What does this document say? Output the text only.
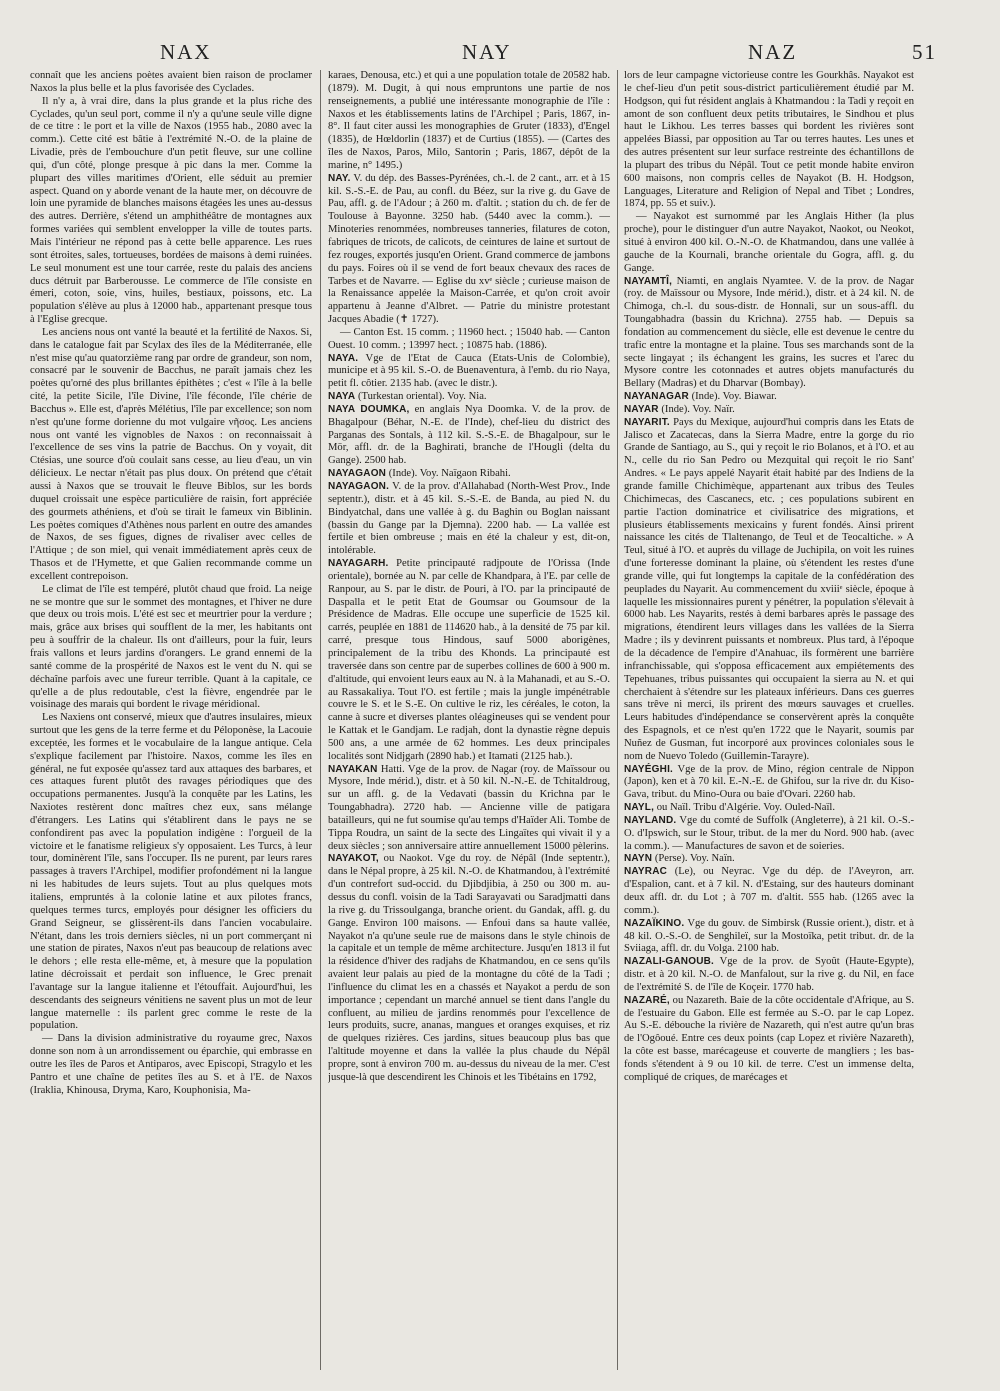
NAX	NAY	NAZ	51

connaît que les anciens poètes avaient bien raison de proclamer Naxos la plus belle et la plus favorisée des Cyclades.

Il n'y a, à vrai dire, dans la plus grande et la plus riche des Cyclades, qu'un seul port, comme il n'y a qu'une seule ville digne de ce titre : le port et la ville de Naxos (1955 hab., 2080 avec la comm.). Cette cité est bâtie à l'extrémité N.-O. de la plaine de Livadie, près de l'embouchure d'un petit fleuve, sur une colline qui, d'un côté, plonge presque à pic dans la mer. Comme la plupart des villes maritimes d'Orient, elle séduit au premier aspect. Quand on y aborde venant de la haute mer, on découvre de loin une pyramide de blanches maisons étagées les unes au-dessus des autres. Derrière, s'étend un amphithéâtre de montagnes aux formes variées qui semblent envelopper la ville de toutes parts. Mais l'intérieur ne répond pas à cette belle apparence. Les rues sont étroites, sales, tortueuses, bordées de maisons à demi ruinées. Le seul monument est une tour carrée, reste du palais des anciens ducs détruit par Barberousse. Le commerce de l'île consiste en émeri, coton, soie, vins, huiles, bestiaux, poissons, etc. La population s'élève au plus à 12000 hab., appartenant presque tous à l'Eglise grecque.

Les anciens nous ont vanté la beauté et la fertilité de Naxos. Si, dans le catalogue fait par Scylax des îles de la Méditerranée, elle n'est mise qu'au quatorzième rang par ordre de grandeur, son nom, consacré par le souvenir de Bacchus, ne paraît jamais chez les poètes qu'orné des plus brillantes épithètes ; c'est « l'île à la belle cité, la petite Sicile, l'île Divine, l'île féconde, l'île chérie de Bacchus ». Elle est, d'après Mélétius, l'île par excellence; son nom n'est qu'une forme dorienne du mot vulgaire νῆσος. Les anciens nous ont vanté les vignobles de Naxos : on reconnaissait à l'excellence de ses vins la patrie de Bacchus. On y voyait, dit Ctésias, une source d'où coulait sans cesse, au lieu d'eau, un vin délicieux. Le nectar n'était pas plus doux. On prétend que c'était aussi à Naxos que se trouvait le fleuve Biblos, sur les bords duquel croissait une espèce particulière de raisin, fort appréciée des gourmets athéniens, et d'où se tirait le fameux vin Biblinin. Les poètes comiques d'Athènes nous parlent en outre des amandes de Naxos, de ses figues, dignes de rivaliser avec celles de l'Attique ; de son miel, qui venait immédiatement après ceux de Thasos et de l'Hymette, et que Galien recommande comme un excellent contrepoison.

Le climat de l'île est tempéré, plutôt chaud que froid. La neige ne se montre que sur le sommet des montagnes, et l'hiver ne dure que deux ou trois mois. L'été est sec et meurtrier pour la verdure ; mais, grâce aux brises qui soufflent de la mer, les habitants ont peu à souffrir de la chaleur. Ils ont d'ailleurs, pour la fuir, leurs frais vallons et leurs jardins d'orangers. Le grand ennemi de la santé comme de la prospérité de Naxos est le vent du N. qui se déchaîne parfois avec une fureur terrible. Quant à la capitale, ce qu'elle a de plus redoutable, c'est la fièvre, engendrée par le voisinage des marais qui bordent le rivage méridional.

Les Naxiens ont conservé, mieux que d'autres insulaires, mieux surtout que les gens de la terre ferme et du Péloponèse, la Lacouie exceptée, les formes et le vocabulaire de la langue antique. Cela s'explique facilement par l'histoire. Naxos, comme les îles en général, ne fut exposée qu'assez tard aux attaques des barbares, et ces attaques furent plutôt des ravages périodiques que des occupations permanentes. Jusqu'à la conquête par les Latins, les Naxiotes restèrent donc maîtres chez eux, sans mélange d'étrangers. Les Latins qui s'établirent dans le pays ne se confondirent pas avec la population indigène : l'orgueil de la victoire et le fanatisme religieux s'y opposaient. Les Turcs, à leur tour, dominèrent l'île, sans l'occuper. Ils ne purent, par leurs rares passages à travers l'Archipel, modifier profondément ni la langue ni les habitudes de leurs sujets. Tout au plus quelques mots italiens, empruntés à la colonie latine et aux pilotes francs, quelques termes turcs, employés pour désigner les officiers du Grand Seigneur, se glissèrent-ils dans l'ancien vocabulaire. N'étant, dans les trois derniers siècles, ni un port commerçant ni une station de pirates, Naxos n'eut pas beaucoup de relations avec le dehors ; elle resta elle-même, et, à mesure que la population latine décroissait et perdait son influence, le Grec prenait l'avantage sur la langue italienne et l'étouffait. Aujourd'hui, les descendants des seigneurs vénitiens ne savent plus un mot de leur langue maternelle : ils parlent grec comme le reste de la population.

— Dans la division administrative du royaume grec, Naxos donne son nom à un arrondissement ou éparchie, qui embrasse en outre les îles de Paros et Antiparos, avec Episcopi, Stragylo et les Pantro et une chaîne de petites îles au S. et à l'E. de Naxos (Iraklia, Khinousa, Dryma, Karo, Kouphonisia, Ma-

karaes, Denousa, etc.) et qui a une population totale de 20582 hab. (1879). M. Dugit, à qui nous empruntons une partie de nos renseignements, a publié une intéressante monographie de l'île : Naxos et les établissements latins de l'Archipel ; Paris, 1867, in-8°. Il faut citer aussi les monographies de Gruter (1833), d'Engel (1835), de Hœldorlin (1837) et de Curtius (1855). — (Cartes des îles de Naxos, Paros, Milo, Santorin ; Paris, 1867, dépôt de la marine, n° 1495.)

NAY. V. du dép. des Basses-Pyrénées, ch.-l. de 2 cant., arr. et à 15 kil. S.-S.-E. de Pau, au confl. du Béez, sur la rive g. du Gave de Pau, affl. g. de l'Adour ; à 260 m. d'altit. ; station du ch. de fer de Toulouse à Bayonne. 3250 hab. (5440 avec la comm.). — Minoteries renommées, nombreuses tanneries, filatures de coton, fabriques de tricots, de calicots, de ceintures de laine et surtout de fez rouges, exportés jusqu'en Orient. Grand commerce de jambons du pays. Foires où il se vend de fort beaux chevaux des races de Tarbes et de Navarre. — Eglise du xvᵉ siècle ; curieuse maison de la Renaissance appelée la Maison-Carrée, et qu'on croit avoir appartenu à Jeanne d'Albret. — Patrie du ministre protestant Jacques Abadie (✝ 1727).

— Canton Est. 15 comm. ; 11960 hect. ; 15040 hab. — Canton Ouest. 10 comm. ; 13997 hect. ; 10875 hab. (1886).

NAYA. Vge de l'Etat de Cauca (Etats-Unis de Colombie), municipe et à 95 kil. S.-O. de Buenaventura, à l'emb. du rio Naya, petit fl. côtier. 2135 hab. (avec le distr.).

NAYA (Turkestan oriental). Voy. Nia.

NAYA DOUMKA, en anglais Nya Doomka. V. de la prov. de Bhagalpour (Béhar, N.-E. de l'Inde), chef-lieu du district des Parganas des Sontals, à 112 kil. S.-S.-E. de Bhagalpour, sur le Mör, affl. dr. de la Baghirati, branche de l'Hougli (delta du Gange). 2500 hab.

NAYAGAON (Inde). Voy. Naïgaon Ribahi.

NAYAGAON. V. de la prov. d'Allahabad (North-West Prov., Inde septentr.), distr. et à 45 kil. S.-S.-E. de Banda, au pied N. du Bindyatchal, dans une vallée à g. du Baghin ou Boglan naissant (bassin du Gange par la Djemna). 2200 hab. — La vallée est fertile et bien ombreuse ; mais en été la chaleur y est, dit-on, intolérable.

NAYAGARH. Petite principauté radjpoute de l'Orissa (Inde orientale), bornée au N. par celle de Khandpara, à l'E. par celle de Ranpour, au S. par le distr. de Pouri, à l'O. par la principauté de Daspalla et le petit Etat de Goumsar ou Goumsour de la Présidence de Madras. Elle occupe une superficie de 1525 kil. carrés, peuplée en 1881 de 114620 hab., à la densité de 75 par kil. carré, presque tous Hindous, sauf 5000 aborigènes, principalement de la tribu des Khonds. La principauté est traversée dans son centre par de superbes collines de 600 à 900 m. d'altitude, qui envoient leurs eaux au N. à la Mahanadi, et au S.-O. au Rassakaliya. Tout l'O. est fertile ; mais la jungle impénétrable couvre le S. et le S.-E. On cultive le riz, les céréales, le coton, la canne à sucre et diverses plantes oléagineuses qui se vendent pour le Kattak et le Gandjam. Le radjah, dont la dynastie règne depuis 500 ans, a une armée de 62 hommes. Les deux principales localités sont Nidjgarh (2890 hab.) et Itamati (2125 hab.).

NAYAKAN Hatti. Vge de la prov. de Nagar (roy. de Maïssour ou Mysore, Inde mérid.), distr. et à 50 kil. N.-N.-E. de Tchitaldroug, sur un affl. g. de la Vedavati (bassin du Krichna par le Toungabhadra). 2720 hab. — Ancienne ville de patigara batailleurs, qui ne fut soumise qu'au temps d'Haïder Ali. Tombe de Tippa Roudra, un saint de la secte des Lingaïtes qui vivait il y a deux siècles ; son anniversaire attire annuellement 15000 pèlerins.

NAYAKOT, ou Naokot. Vge du roy. de Népâl (Inde septentr.), dans le Népal propre, à 25 kil. N.-O. de Khatmandou, à l'extrémité d'un contrefort sud-occid. du Djibdjibia, à 250 ou 300 m. au-dessus du confl. voisin de la Tadi Sarayavati ou Saradjmatti dans la rive g. du Trissoulganga, branche orient. du Gandak, affl. g. du Gange. Environ 100 maisons. — Enfoui dans sa haute vallée, Nayakot n'a qu'une seule rue de maisons dans le style chinois de la capitale et un temple de même architecture. Jusqu'en 1813 il fut la résidence d'hiver des radjahs de Khatmandou, en ce sens qu'ils avaient leur palais au pied de la montagne du côté de la Tadi ; l'influence du climat les en a chassés et Nayakot a perdu de son importance ; cependant un marché annuel se tient dans l'angle du confluent, au milieu de jardins renommés pour l'excellence de leurs produits, sucre, ananas, mangues et oranges exquises, et riz de quelques rizières. Ces jardins, situes beaucoup plus bas que l'altitude moyenne et dans la vallée la plus chaude du Népâl propre, sont à environ 700 m. au-dessus du niveau de la mer. C'est jusque-là que descendirent les Chinois et les Tibétains en 1792,

lors de leur campagne victorieuse contre les Gourkhâs. Nayakot est le chef-lieu d'un petit sous-district particulièrement étudié par M. Hodgson, qui fut résident anglais à Khatmandou : la Tadi y reçoit en amont de son confluent deux petits tributaires, le Sindhou et plus haut le Likhou. Les terres basses qui bordent les rivières sont appelées Biassi, par opposition au Tar ou terres hautes. Les unes et des autres présentent sur leur surface restreinte des échantillons de la plupart des tribus du Népâl. Tout ce petit monde habite environ 600 maisons, non compris celles de Nayakot (B. H. Hodgson, Languages, Literature and Religion of Nepal and Tibet ; Londres, 1874, pp. 55 et suiv.).

— Nayakot est surnommé par les Anglais Hither (la plus proche), pour le distinguer d'un autre Nayakot, Naokot, ou Neokot, situé à environ 400 kil. O.-N.-O. de Khatmandou, dans une vallée à gauche de la Kournali, branche orientale du Gogra, affl. g. du Gange.

NAYAMTÎ, Niamti, en anglais Nyamtee. V. de la prov. de Nagar (roy. de Maïssour ou Mysore, Inde mérid.), distr. et à 24 kil. N. de Chimoga, ch.-l. du sous-distr. de Honnali, sur un sous-affl. du Toungabhadra (bassin du Krichna). 2755 hab. — Depuis sa fondation au commencement du siècle, elle est devenue le centre du trafic entre la montagne et la plaine. Tous ses marchands sont de la secte lingayat ; ils échangent les grains, les sucres et l'arec du Mysore contre les cotonnades et autres objets manufacturés du Bellary (Madras) et du Dharvar (Bombay).

NAYANAGAR (Inde). Voy. Biawar.

NAYAR (Inde). Voy. Naïr.

NAYARIT. Pays du Mexique, aujourd'hui compris dans les Etats de Jalisco et Zacatecas, dans la Sierra Madre, entre la gorge du rio Grande de Santiago, au S., qui y reçoit le rio Bolanos, et à l'O. et au N., celle du rio San Pedro ou Mezquital qui reçoit le rio Sant' Andres. « Le pays appelé Nayarit était habité par des Indiens de la grande famille Chichimèque, appartenant aux tribus des Teules Chichimecas, des Cascanecs, etc. ; ces populations subirent en partie l'action dominatrice et civilisatrice des migrations, et plusieurs établissements mexicains y furent fondés. Ainsi prirent naissance les cités de Tlaltenango, de Teul et de Teocaltiche. » A Teul, situé à l'O. et auprès du village de Juchipila, on voit les ruines d'une forteresse dominant la plaine, où s'étendent les restes d'une grande ville, qui fut longtemps la capitale de la confédération des peuplades du Nayarit. Au commencement du xviiiᵉ siècle, époque à laquelle les missionnaires purent y pénétrer, la population s'élevait à 6000 hab. Les Nayarits, restés à demi barbares après le passage des migrations, étendirent leurs villages dans les vallées de la Sierra Madre ; ils y devinrent puissants et nombreux. Plus tard, à l'époque de la décadence de l'empire d'Anahuac, ils formèrent une barrière infranchissable, qui s'opposa efficacement aux empiétements des Tepehuanes, tribus puissantes qui occupaient la sierra au N. et qui cherchaient à s'étendre sur les plateaux inférieurs. Dans ces guerres sans trêve ni merci, ils prirent des mœurs sauvages et cruelles. Leurs habitudes d'indépendance se conservèrent après la conquête des Espagnols, et ce n'est qu'en 1722 que le Nayarit, soumis par Nuñez de Gusman, fut incorporé aux provinces coloniales sous le nom de Nuevo Toledo (Guillemin-Tarayre).

NAYÉGHI. Vge de la prov. de Mino, région centrale de Nippon (Japon), ken et à 70 kil. E.-N.-E. de Ghifou, sur la rive dr. du Kiso-Gava, tribut. du Mino-Oura ou baie d'Ovari. 2260 hab.

NAYL, ou Naïl. Tribu d'Algérie. Voy. Ouled-Naïl.

NAYLAND. Vge du comté de Suffolk (Angleterre), à 21 kil. O.-S.-O. d'Ipswich, sur le Stour, tribut. de la mer du Nord. 900 hab. (avec la comm.). — Manufactures de savon et de soieries.

NAYN (Perse). Voy. Naïn.

NAYRAC (Le), ou Neyrac. Vge du dép. de l'Aveyron, arr. d'Espalion, cant. et à 7 kil. N. d'Estaing, sur des hauteurs dominant deux affl. dr. du Lot ; à 707 m. d'altit. 555 hab. (1265 avec la comm.).

NAZAÏKINO. Vge du gouv. de Simbirsk (Russie orient.), distr. et à 48 kil. O.-S.-O. de Senghileï, sur la Mostoïka, petit tribut. dr. de la Sviiaga, affl. dr. du Volga. 2100 hab.

NAZALI-GANOUB. Vge de la prov. de Syoût (Haute-Egypte), distr. et à 20 kil. N.-O. de Manfalout, sur la rive g. du Nil, en face de l'extrémité S. de l'île de Koçeir. 1770 hab.

NAZARÉ, ou Nazareth. Baie de la côte occidentale d'Afrique, au S. de l'estuaire du Gabon. Elle est fermée au S.-O. par le cap Lopez. Au S.-E. débouche la rivière de Nazareth, qui n'est autre qu'un bras de l'Ogôoué. Entre ces deux points (cap Lopez et rivière Nazareth), la côte est basse, marécageuse et couverte de mangliers ; les bas-fonds s'étendent à 9 ou 10 kil. de terre. C'est un immense delta, compliqué de criques, de marécages et
